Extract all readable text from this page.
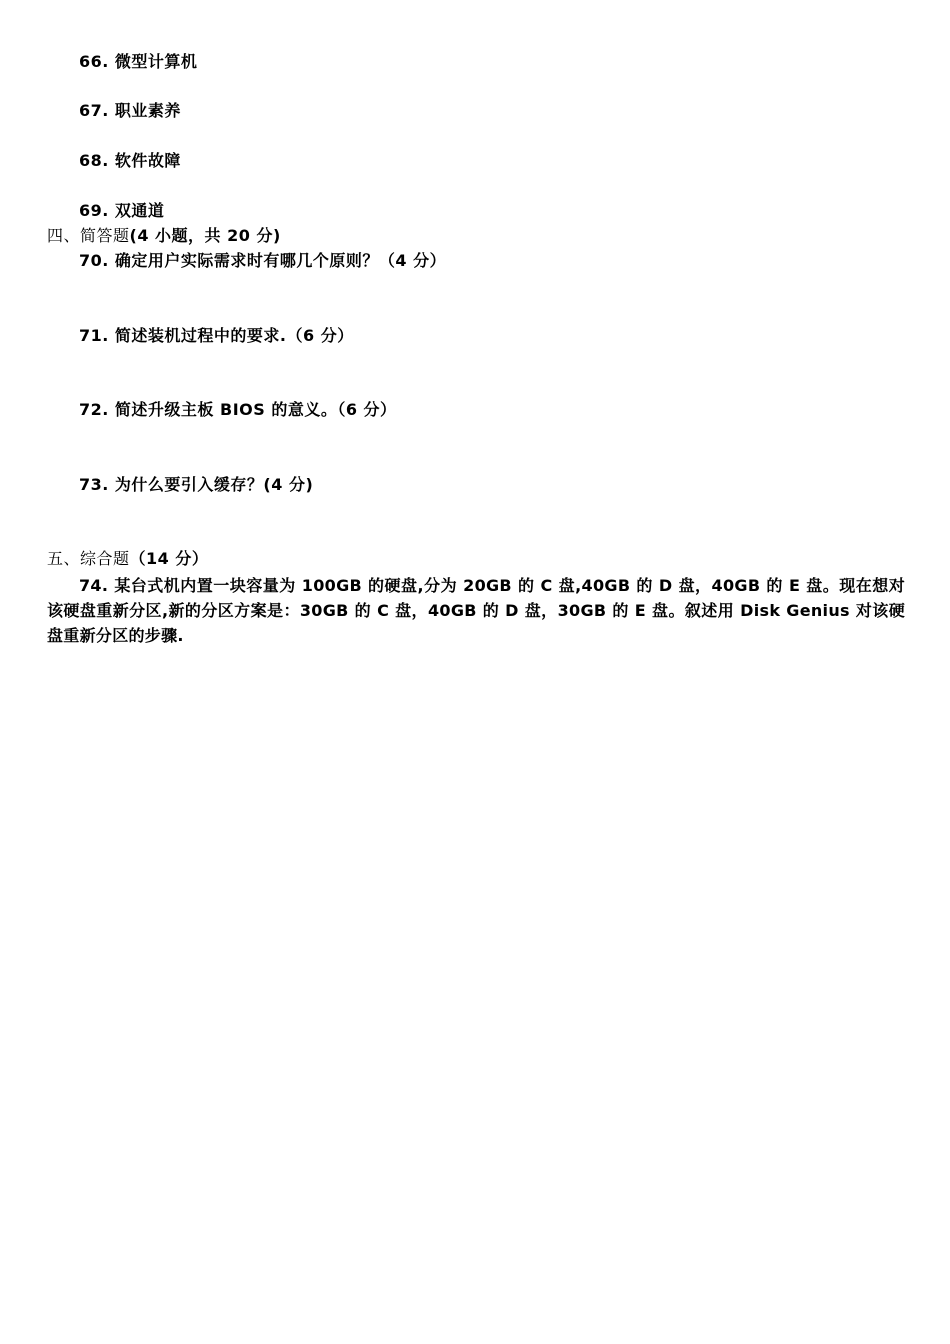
66. 微型计算机
67. 职业素养
68. 软件故障
69. 双通道
四、简答题(4 小题，共 20 分)
70. 确定用户实际需求时有哪几个原则？（4 分）
71. 简述装机过程中的要求.（6 分）
72. 简述升级主板 BIOS 的意义。（6 分）
73. 为什么要引入缓存？(4 分)
五、综合题（14 分）
74. 某台式机内置一块容量为 100GB 的硬盘,分为 20GB 的 C 盘,40GB 的 D 盘，40GB 的 E 盘。现在想对该硬盘重新分区,新的分区方案是：30GB 的 C 盘，40GB 的 D 盘，30GB 的 E 盘。叙述用 Disk Genius 对该硬盘重新分区的步骤.
